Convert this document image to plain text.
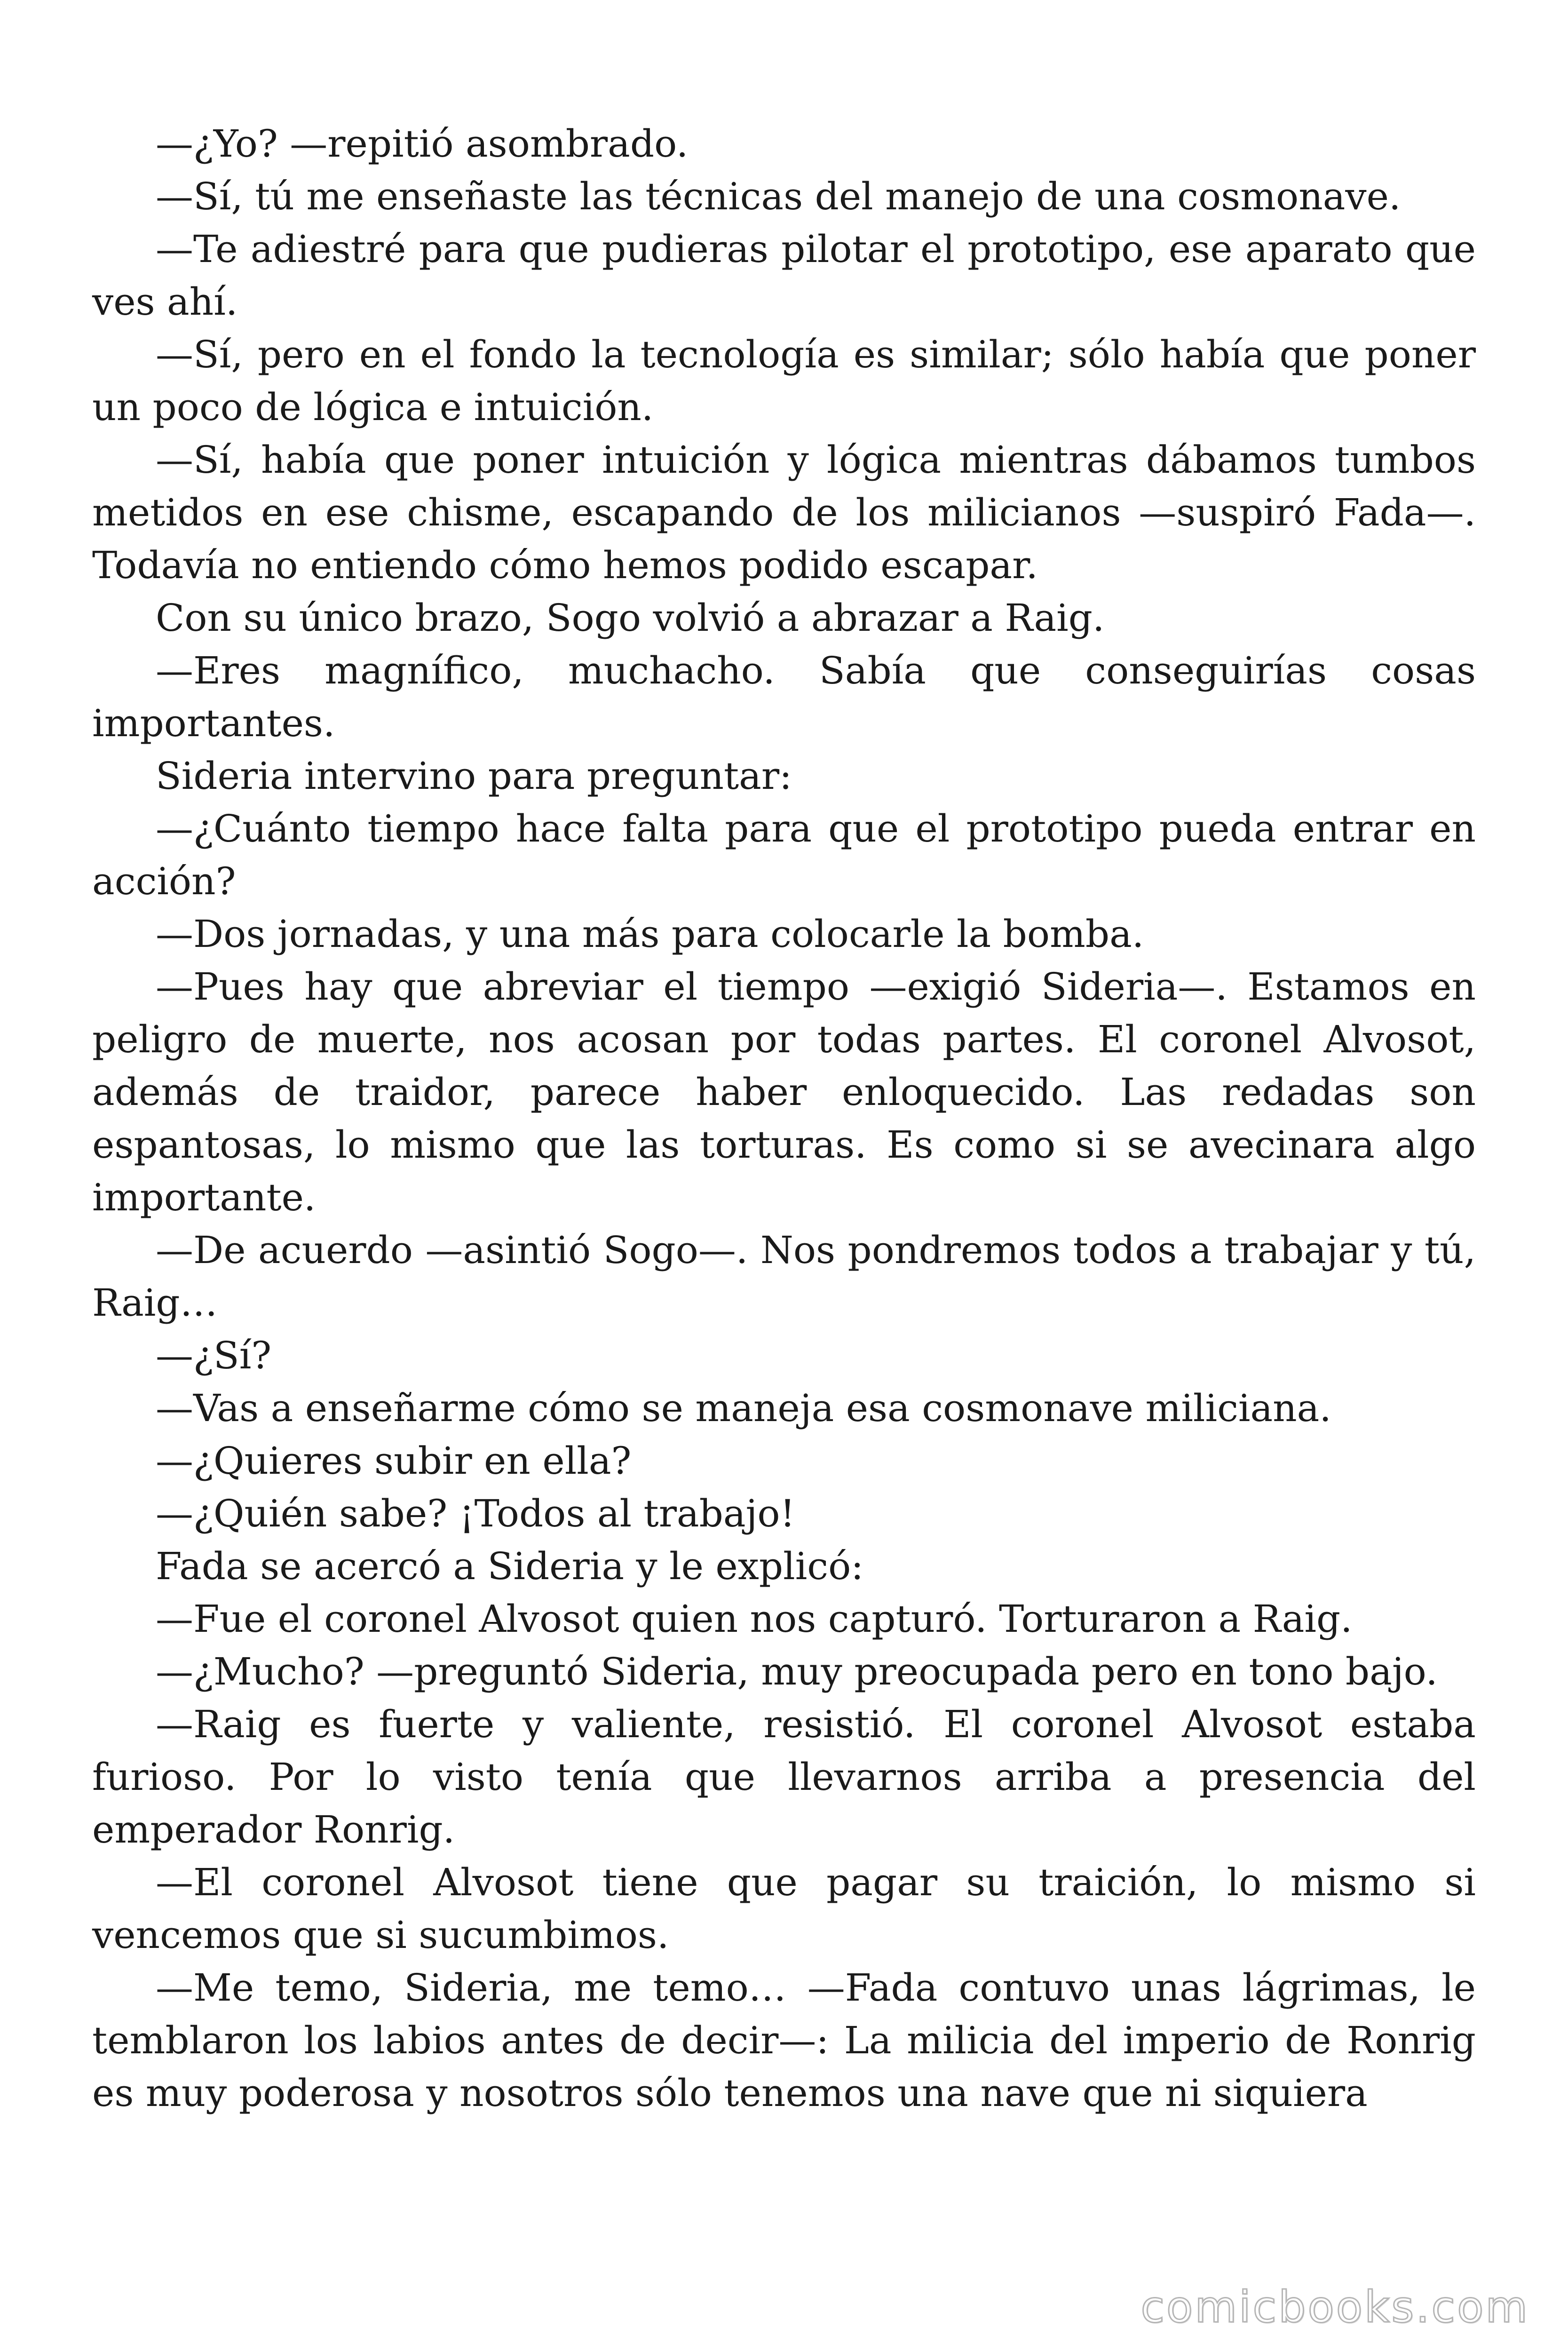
—¿Yo? —repitió asombrado.

—Sí, tú me enseñaste las técnicas del manejo de una cosmonave.

—Te adiestré para que pudieras pilotar el prototipo, ese aparato que ves ahí.

—Sí, pero en el fondo la tecnología es similar; sólo había que poner un poco de lógica e intuición.

—Sí, había que poner intuición y lógica mientras dábamos tumbos metidos en ese chisme, escapando de los milicianos —suspiró Fada—. Todavía no entiendo cómo hemos podido escapar.

Con su único brazo, Sogo volvió a abrazar a Raig.

—Eres magnífico, muchacho. Sabía que conseguirías cosas importantes.

Sideria intervino para preguntar:

—¿Cuánto tiempo hace falta para que el prototipo pueda entrar en acción?

—Dos jornadas, y una más para colocarle la bomba.

—Pues hay que abreviar el tiempo —exigió Sideria—. Estamos en peligro de muerte, nos acosan por todas partes. El coronel Alvosot, además de traidor, parece haber enloquecido. Las redadas son espantosas, lo mismo que las torturas. Es como si se avecinara algo importante.

—De acuerdo —asintió Sogo—. Nos pondremos todos a trabajar y tú, Raig…

—¿Sí?

—Vas a enseñarme cómo se maneja esa cosmonave miliciana.

—¿Quieres subir en ella?

—¿Quién sabe? ¡Todos al trabajo!

Fada se acercó a Sideria y le explicó:

—Fue el coronel Alvosot quien nos capturó. Torturaron a Raig.

—¿Mucho? —preguntó Sideria, muy preocupada pero en tono bajo.

—Raig es fuerte y valiente, resistió. El coronel Alvosot estaba furioso. Por lo visto tenía que llevarnos arriba a presencia del emperador Ronrig.

—El coronel Alvosot tiene que pagar su traición, lo mismo si vencemos que si sucumbimos.

—Me temo, Sideria, me temo… —Fada contuvo unas lágrimas, le temblaron los labios antes de decir—: La milicia del imperio de Ronrig es muy poderosa y nosotros sólo tenemos una nave que ni siquiera

comicbooks.com
